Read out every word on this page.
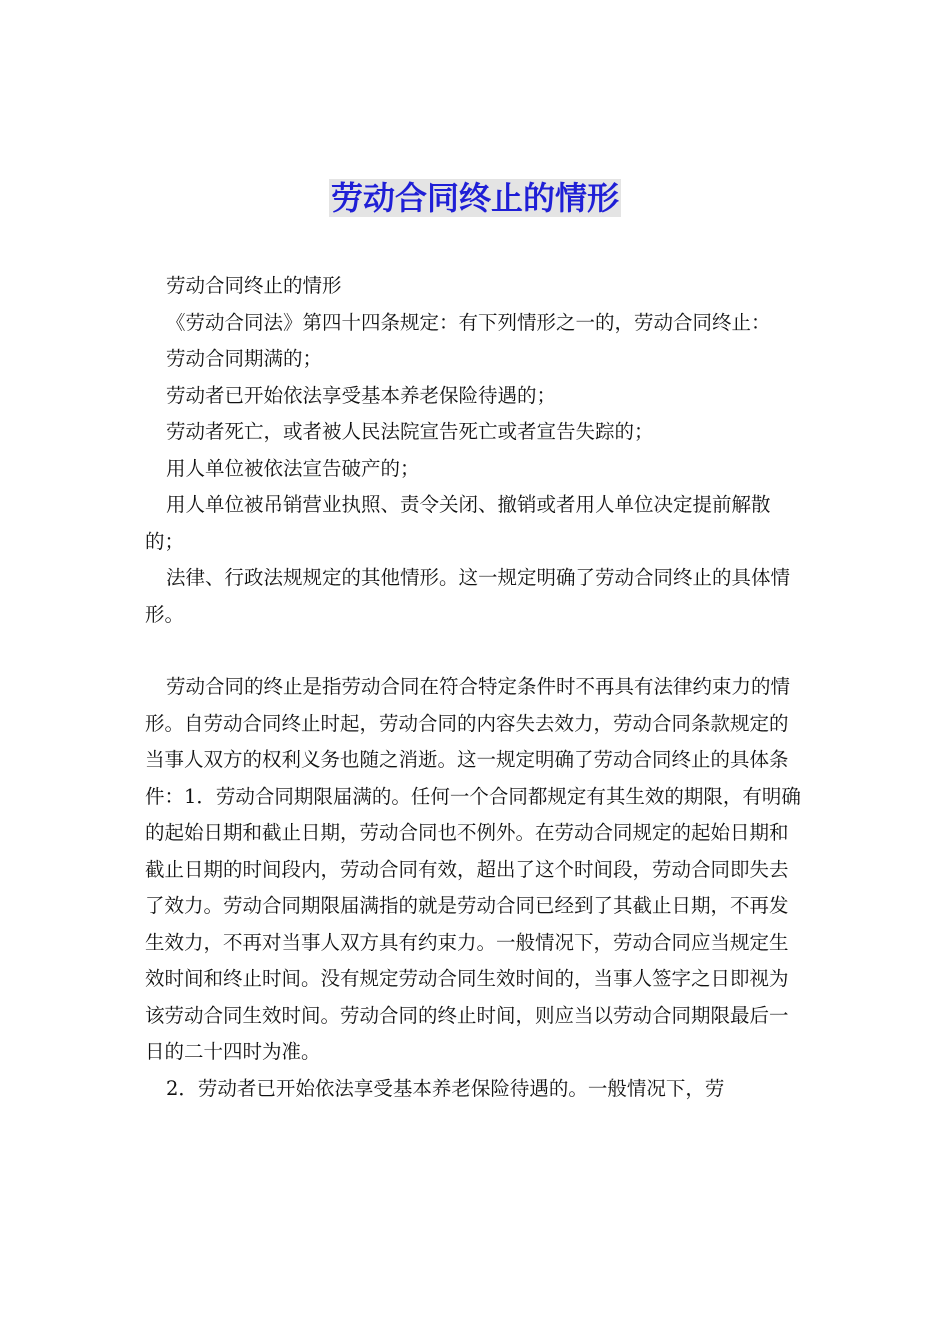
劳动合同终止的情形

劳动合同终止的情形

《劳动合同法》第四十四条规定：有下列情形之一的，劳动合同终止：

劳动合同期满的；

劳动者已开始依法享受基本养老保险待遇的；

劳动者死亡，或者被人民法院宣告死亡或者宣告失踪的；

用人单位被依法宣告破产的；

用人单位被吊销营业执照、责令关闭、撤销或者用人单位决定提前解散的；

法律、行政法规规定的其他情形。这一规定明确了劳动合同终止的具体情形。

劳动合同的终止是指劳动合同在符合特定条件时不再具有法律约束力的情形。自劳动合同终止时起，劳动合同的内容失去效力，劳动合同条款规定的当事人双方的权利义务也随之消逝。这一规定明确了劳动合同终止的具体条件：1．劳动合同期限届满的。任何一个合同都规定有其生效的期限，有明确的起始日期和截止日期，劳动合同也不例外。在劳动合同规定的起始日期和截止日期的时间段内，劳动合同有效，超出了这个时间段，劳动合同即失去了效力。劳动合同期限届满指的就是劳动合同已经到了其截止日期，不再发生效力，不再对当事人双方具有约束力。一般情况下，劳动合同应当规定生效时间和终止时间。没有规定劳动合同生效时间的，当事人签字之日即视为该劳动合同生效时间。劳动合同的终止时间，则应当以劳动合同期限最后一日的二十四时为准。

2．劳动者已开始依法享受基本养老保险待遇的。一般情况下，劳
